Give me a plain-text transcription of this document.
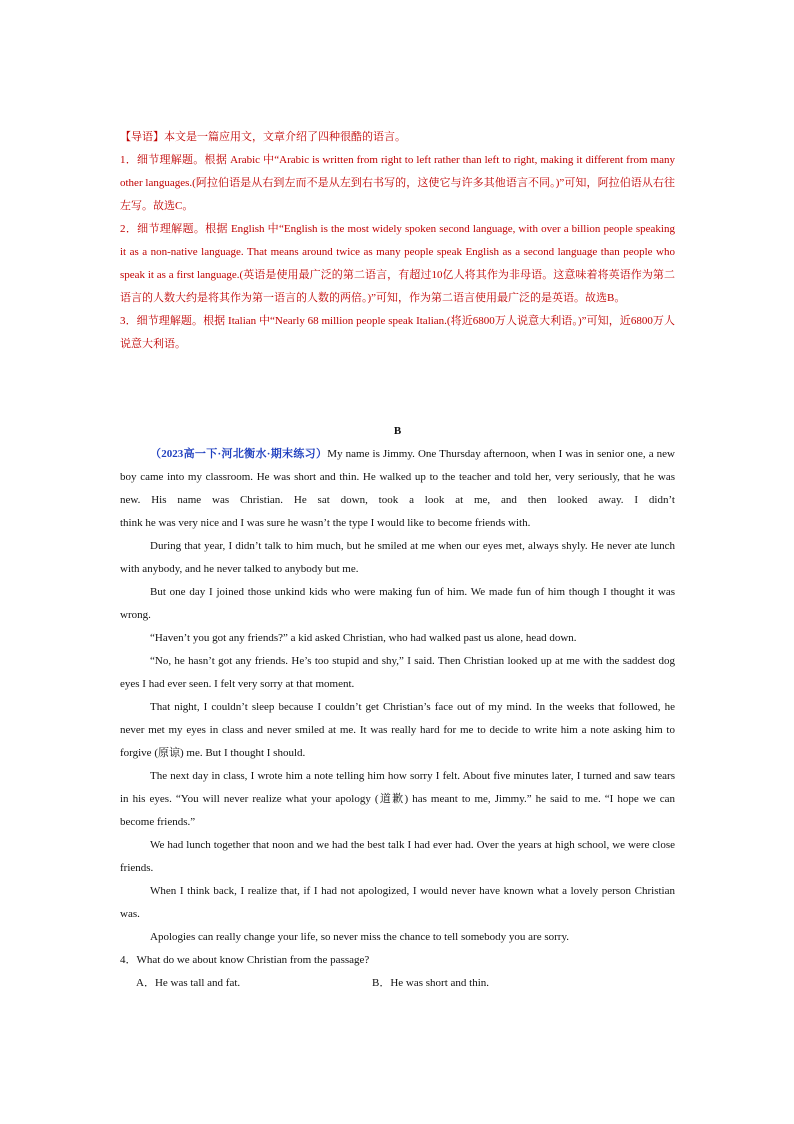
【导语】本文是一篇应用文，文章介绍了四种很酷的语言。

1．细节理解题。根据 Arabic 中“Arabic is written from right to left rather than left to right, making it different from many other languages.(阿拉伯语是从右到左而不是从左到右书写的，这使它与许多其他语言不同。)”可知，阿拉伯语从右往左写。故选C。

2．细节理解题。根据 English 中“English is the most widely spoken second language, with over a billion people speaking it as a non-native language. That means around twice as many people speak English as a second language than people who speak it as a first language.(英语是使用最广泛的第二语言，有超过10亿人将其作为非母语。这意味着将英语作为第二语言的人数大约是将其作为第一语言的人数的两倍。)”可知，作为第二语言使用最广泛的是英语。故选B。

3．细节理解题。根据 Italian 中“Nearly 68 million people speak Italian.(将近6800万人说意大利语。)”可知，近6800万人说意大利语。

B

（2023高一下·河北衡水·期末练习）My name is Jimmy. One Thursday afternoon, when I was in senior one, a new boy came into my classroom. He was short and thin. He walked up to the teacher and told her, very seriously, that he was new. His name was Christian. He sat down, took a look at me, and then looked away. I didn’t

think he was very nice and I was sure he wasn’t the type I would like to become friends with.

During that year, I didn’t talk to him much, but he smiled at me when our eyes met, always shyly. He never ate lunch with anybody, and he never talked to anybody but me.

But one day I joined those unkind kids who were making fun of him. We made fun of him though I thought it was wrong.

“Haven’t you got any friends?” a kid asked Christian, who had walked past us alone, head down.

“No, he hasn’t got any friends. He’s too stupid and shy,” I said. Then Christian looked up at me with the saddest dog eyes I had ever seen. I felt very sorry at that moment.

That night, I couldn’t sleep because I couldn’t get Christian’s face out of my mind. In the weeks that followed, he never met my eyes in class and never smiled at me. It was really hard for me to decide to write him a note asking him to forgive (原谅) me. But I thought I should.

The next day in class, I wrote him a note telling him how sorry I felt. About five minutes later, I turned and saw tears in his eyes. “You will never realize what your apology (道歉) has meant to me, Jimmy.” he said to me. “I hope we can become friends.”

We had lunch together that noon and we had the best talk I had ever had. Over the years at high school, we were close friends.

When I think back, I realize that, if I had not apologized, I would never have known what a lovely person Christian was.

Apologies can really change your life, so never miss the chance to tell somebody you are sorry.

4．What do we about know Christian from the passage?

A．He was tall and fat.	B．He was short and thin.
